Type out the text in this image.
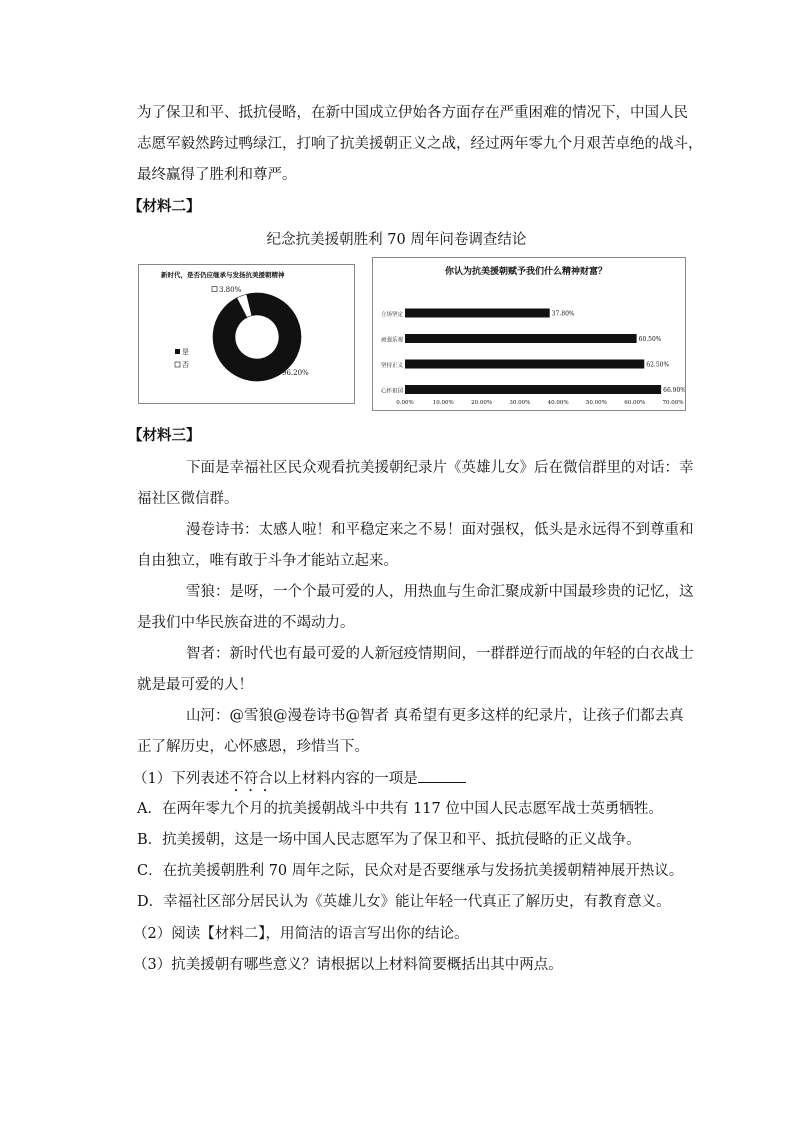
为了保卫和平、抵抗侵略，在新中国成立伊始各方面存在严重困难的情况下，中国人民
志愿军毅然跨过鸭绿江，打响了抗美援朝正义之战，经过两年零九个月艰苦卓绝的战斗，
最终赢得了胜利和尊严。
【材料二】
纪念抗美援朝胜利 70 周年问卷调查结论
新时代，是否仍应继承与发扬抗美援朝精神
3.80%
96.20%
是
否
你认为抗美援朝赋予我们什么精神财富？
立场坚定	37.80%
顽强乐观	60.50%
坚持正义	62.50%
心怀祖国	66.90%
0.00%	10.00%	20.00%	30.00%	40.00%	50.00%	60.00%	70.00%
【材料三】
下面是幸福社区民众观看抗美援朝纪录片《英雄儿女》后在微信群里的对话：幸
福社区微信群。
漫卷诗书：太感人啦！和平稳定来之不易！面对强权，低头是永远得不到尊重和
自由独立，唯有敢于斗争才能站立起来。
雪狼：是呀，一个个最可爱的人，用热血与生命汇聚成新中国最珍贵的记忆，这
是我们中华民族奋进的不竭动力。
智者：新时代也有最可爱的人新冠疫情期间，一群群逆行而战的年轻的白衣战士
就是最可爱的人！
山河：@雪狼@漫卷诗书@智者 真希望有更多这样的纪录片，让孩子们都去真
正了解历史，心怀感恩，珍惜当下。
（1）下列表述不符合以上材料内容的一项是
A．在两年零九个月的抗美援朝战斗中共有 117 位中国人民志愿军战士英勇牺牲。
B．抗美援朝，这是一场中国人民志愿军为了保卫和平、抵抗侵略的正义战争。
C．在抗美援朝胜利 70 周年之际，民众对是否要继承与发扬抗美援朝精神展开热议。
D．幸福社区部分居民认为《英雄儿女》能让年轻一代真正了解历史，有教育意义。
（2）阅读【材料二】，用简洁的语言写出你的结论。
（3）抗美援朝有哪些意义？请根据以上材料简要概括出其中两点。
